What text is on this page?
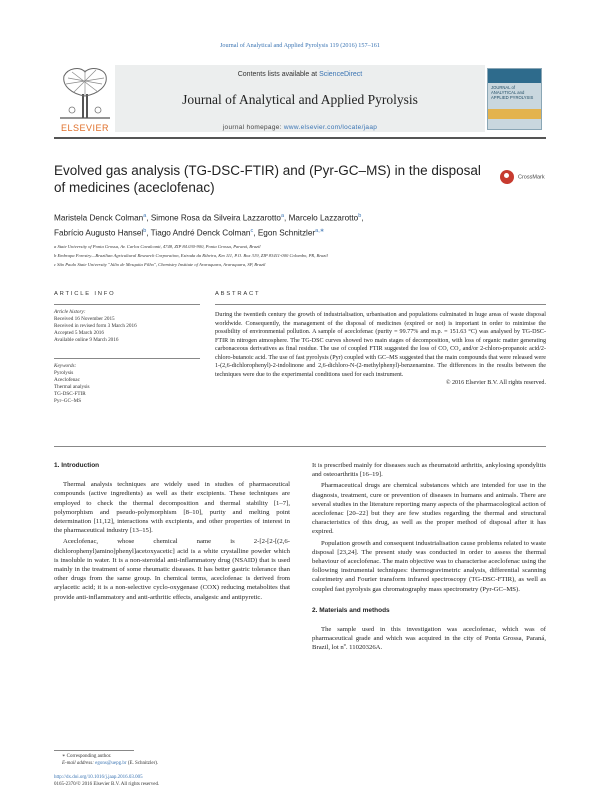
Journal of Analytical and Applied Pyrolysis 119 (2016) 157–161
ELSEVIER
Contents lists available at ScienceDirect
Journal of Analytical and Applied Pyrolysis
journal homepage: www.elsevier.com/locate/jaap
JOURNAL of ANALYTICAL and APPLIED PYROLYSIS
Evolved gas analysis (TG-DSC-FTIR) and (Pyr-GC–MS) in the disposal of medicines (aceclofenac)
CrossMark
Maristela Denck Colman$^a$, Simone Rosa da Silveira Lazzarotto$^a$, Marcelo Lazzarotto$^b$,
Fabrício Augusto Hansel$^b$, Tiago André Denck Colman$^c$, Egon Schnitzler$^{a,∗}$
a State University of Ponta Grossa, Av. Carlos Cavalcanti, 4748, ZIP 84.030-900, Ponta Grossa, Paraná, Brazil
b Embrapa Forestry—Brazilian Agricultural Research Corporation, Estrada da Ribeira, Km 111, P.O. Box 319, ZIP 83411-000 Colombo, PR, Brazil
c São Paulo State University "Júlio de Mesquita Filho", Chemistry Institute of Araraquara, Araraquara, SP, Brazil
ARTICLE INFO
Article history:
Received 16 November 2015
Received in revised form 3 March 2016
Accepted 5 March 2016
Available online 9 March 2016
Keywords:
Pyrolysis
Aceclofenac
Thermal analysis
TG-DSC-FTIR
Pyr–GC–MS
ABSTRACT
During the twentieth century the growth of industrialisation, urbanisation and populations culminated in huge areas of waste disposal worldwide. Consequently, the management of the disposal of medicines (expired or not) is important in order to minimise the possibility of environmental pollution. A sample of aceclofenac (purity = 99.77% and m.p. = 151.63 °C) was analysed by TG-DSC-FTIR in nitrogen atmosphere. The TG-DSC curves showed two main stages of decomposition, with loss of organic matter generating carbonaceous derivatives as final residue. The use of coupled FTIR suggested the loss of CO, CO₂ and/or 2-chloro-propanoic acid/2-chloro-butanoic acid. The use of fast pyrolysis (Pyr) coupled with GC–MS suggested that the main compounds that were released were 1-(2,6-dichlorophenyl)-2-indolinone and 2,6-dichloro-N-(2-methylphenyl)-benzenamine. The differences in the results between the techniques were due to the experimental conditions used for each instrument.
© 2016 Elsevier B.V. All rights reserved.
1. Introduction

Thermal analysis techniques are widely used in studies of pharmaceutical compounds (active ingredients) as well as their excipients. These techniques are employed to check the thermal decomposition and thermal stability [1–7], polymorphism and pseudo-polymorphism [8–10], purity and melting point determination [11,12], interactions with excipients, and other properties of interest in the pharmaceutical industry [13–15].

Aceclofenac, whose chemical name is 2-[2-[2-[(2,6-dichlorophenyl)amino]phenyl]acetoxyacetic] acid is a white crystalline powder which is insoluble in water. It is a non-steroidal anti-inflammatory drug (NSAID) that is used mainly in the treatment of some rheumatic diseases. It has better gastric tolerance than other drugs from the same group. In chemical terms, aceclofenac is derived from arylacetic acid; it is a non-selective cyclo-oxygenase (COX) reducing metabolites that provide anti-inflammatory and anti-arthritic effects, analgesic and antipyretic.

∗ Corresponding author.
E-mail address: egons@uepg.br (E. Schnitzler).
http://dx.doi.org/10.1016/j.jaap.2016.03.005
0165-2370/© 2016 Elsevier B.V. All rights reserved.

It is prescribed mainly for diseases such as rheumatoid arthritis, ankylosing spondylitis and osteoarthritis [16–19].

Pharmaceutical drugs are chemical substances which are intended for use in the diagnosis, treatment, cure or prevention of diseases in humans and animals. There are several studies in the literature reporting many aspects of the pharmacological action of aceclofenac [20–22] but they are few studies regarding the thermal and structural characteristics of this drug, as well as the proper method of disposal after it has expired.

Population growth and consequent industrialisation cause problems related to waste disposal [23,24]. The present study was conducted in order to assess the thermal behaviour of aceclofenac. The main objective was to characterise aceclofenac using the following instrumental techniques: thermogravimetric analysis, differential scanning calorimetry and Fourier transform infrared spectroscopy (TG-DSC-FTIR), as well as coupled fast pyrolysis gas chromatography mass spectrometry (Pyr-GC–MS).

2. Materials and methods

The sample used in this investigation was aceclofenac, which was of pharmaceutical grade and which was acquired in the city of Ponta Grossa, Paraná, Brazil, lot nº. 11020326A.
